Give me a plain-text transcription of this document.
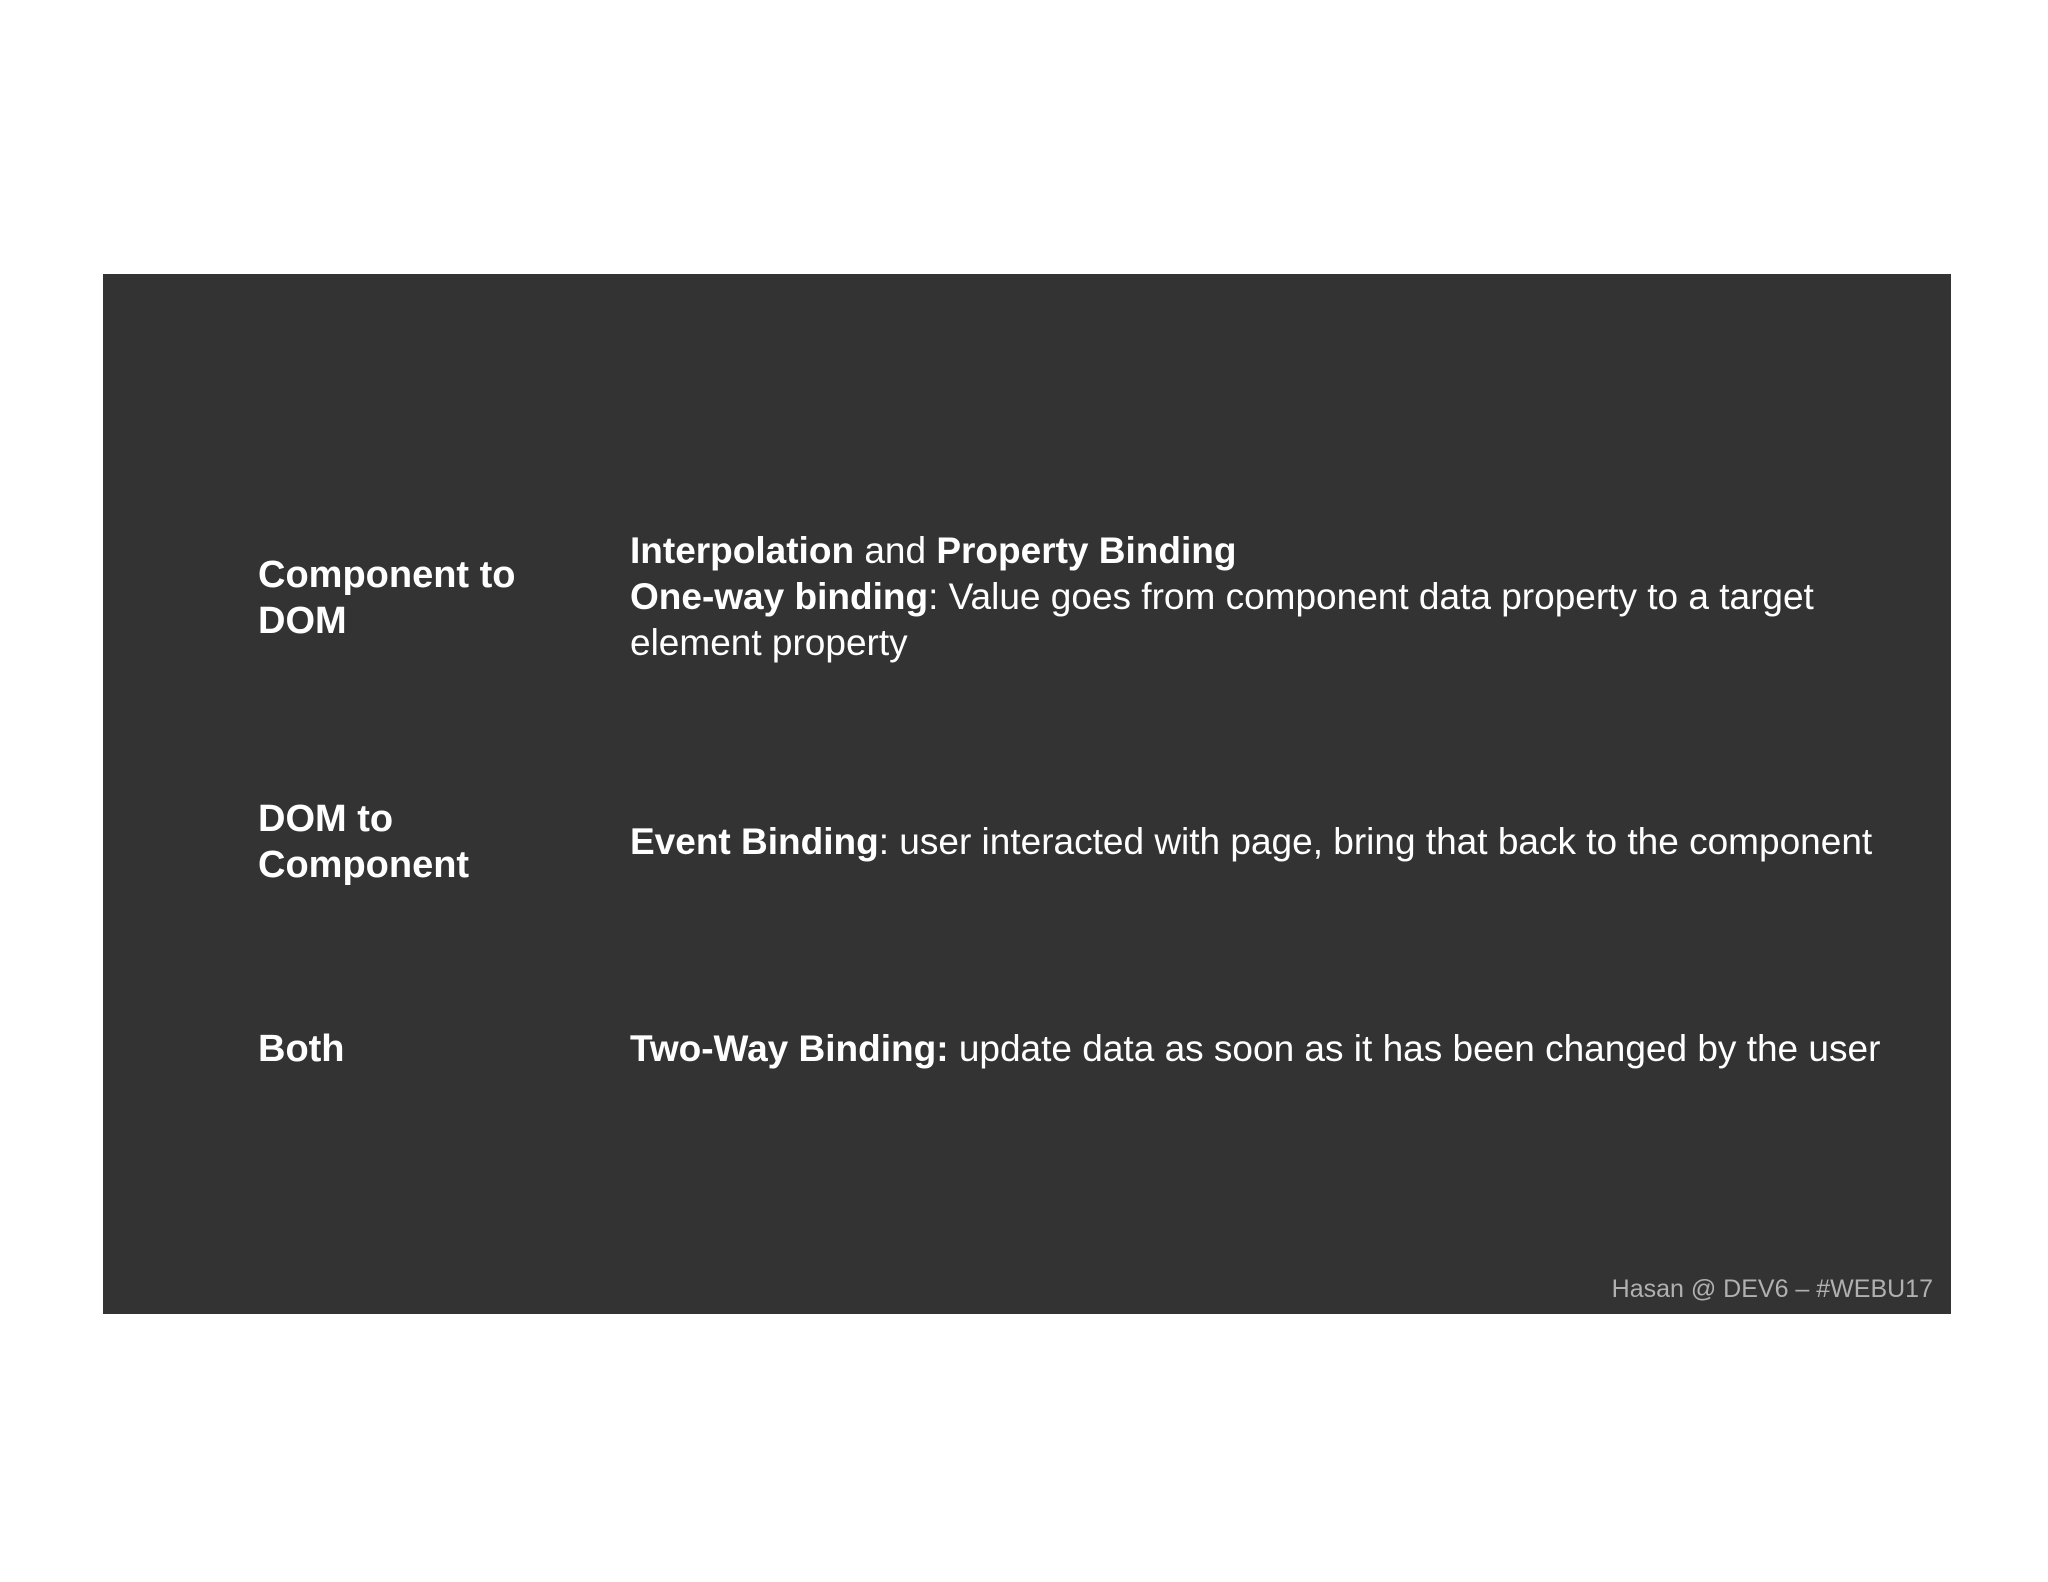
Component to DOM
Interpolation and Property Binding
One-way binding: Value goes from component data property to a target element property
DOM to Component
Event Binding: user interacted with page, bring that back to the component
Both	Two-Way Binding: update data as soon as it has been changed by the user
Hasan @ DEV6 – #WEBU17
